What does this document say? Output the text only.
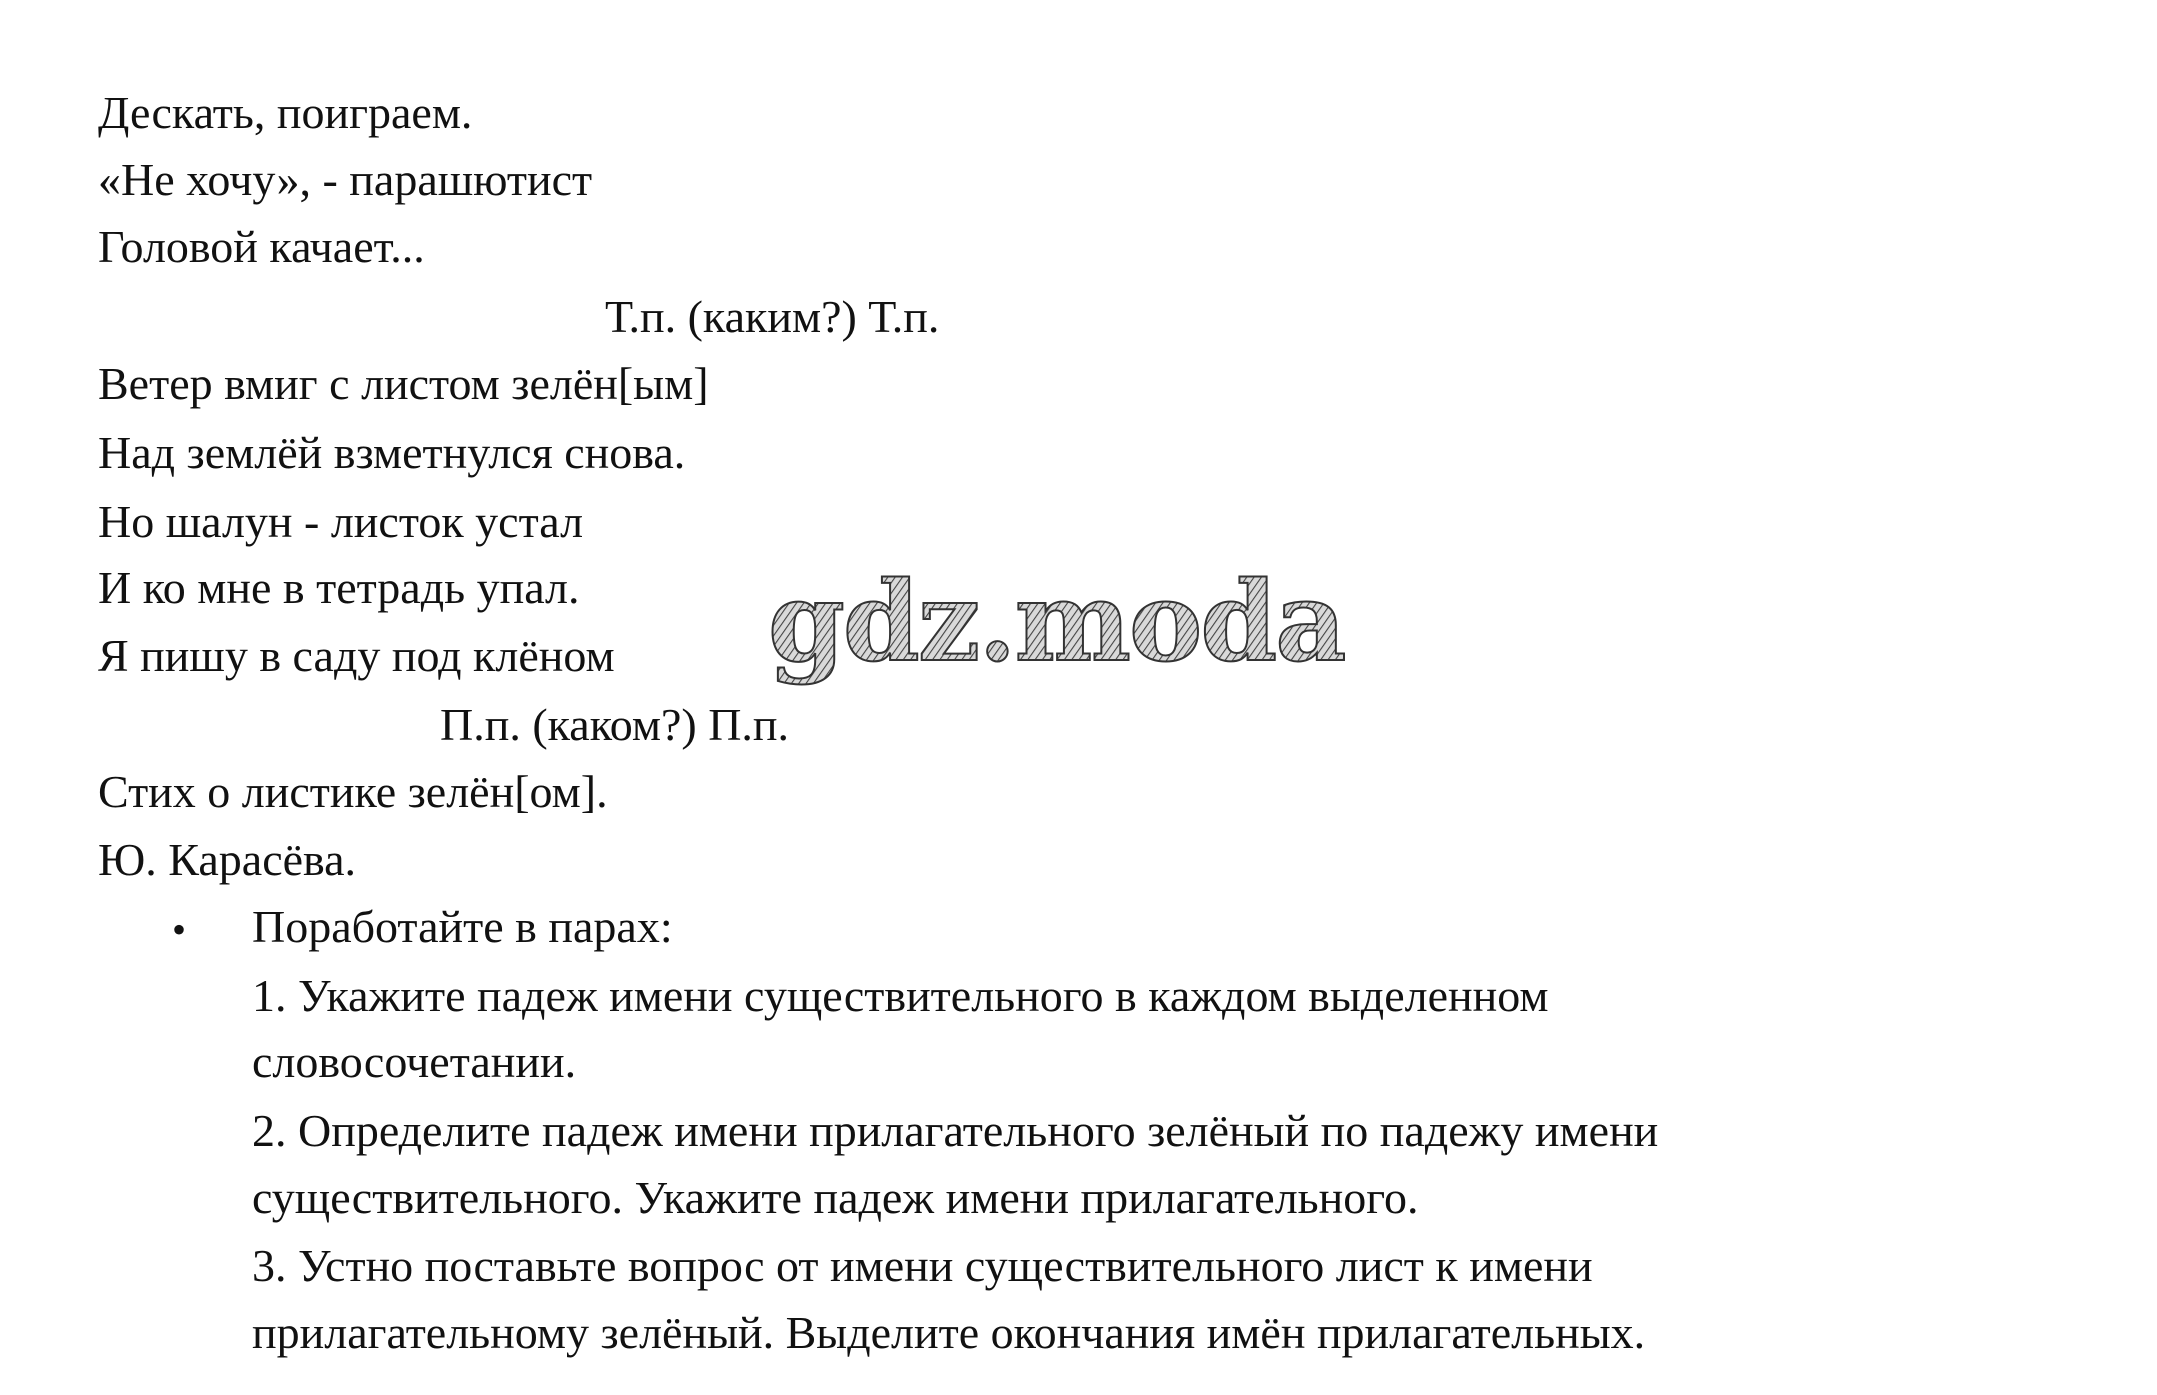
Дескать, поиграем.
«Не хочу», - парашютист
Головой качает...
Т.п. (каким?) Т.п.
Ветер вмиг с листом зелён[ым]
Над землёй взметнулся снова.
Но шалун - листок устал
И ко мне в тетрадь упал.
Я пишу в саду под клёном
П.п. (каком?) П.п.
Стих о листике зелён[ом].
Ю. Карасёва.
• Поработайте в парах:
1. Укажите падеж имени существительного в каждом выделенном
словосочетании.
2. Определите падеж имени прилагательного зелёный по падежу имени
существительного. Укажите падеж имени прилагательного.
3. Устно поставьте вопрос от имени существительного лист к имени
прилагательному зелёный. Выделите окончания имён прилагательных.
gdz.moda
